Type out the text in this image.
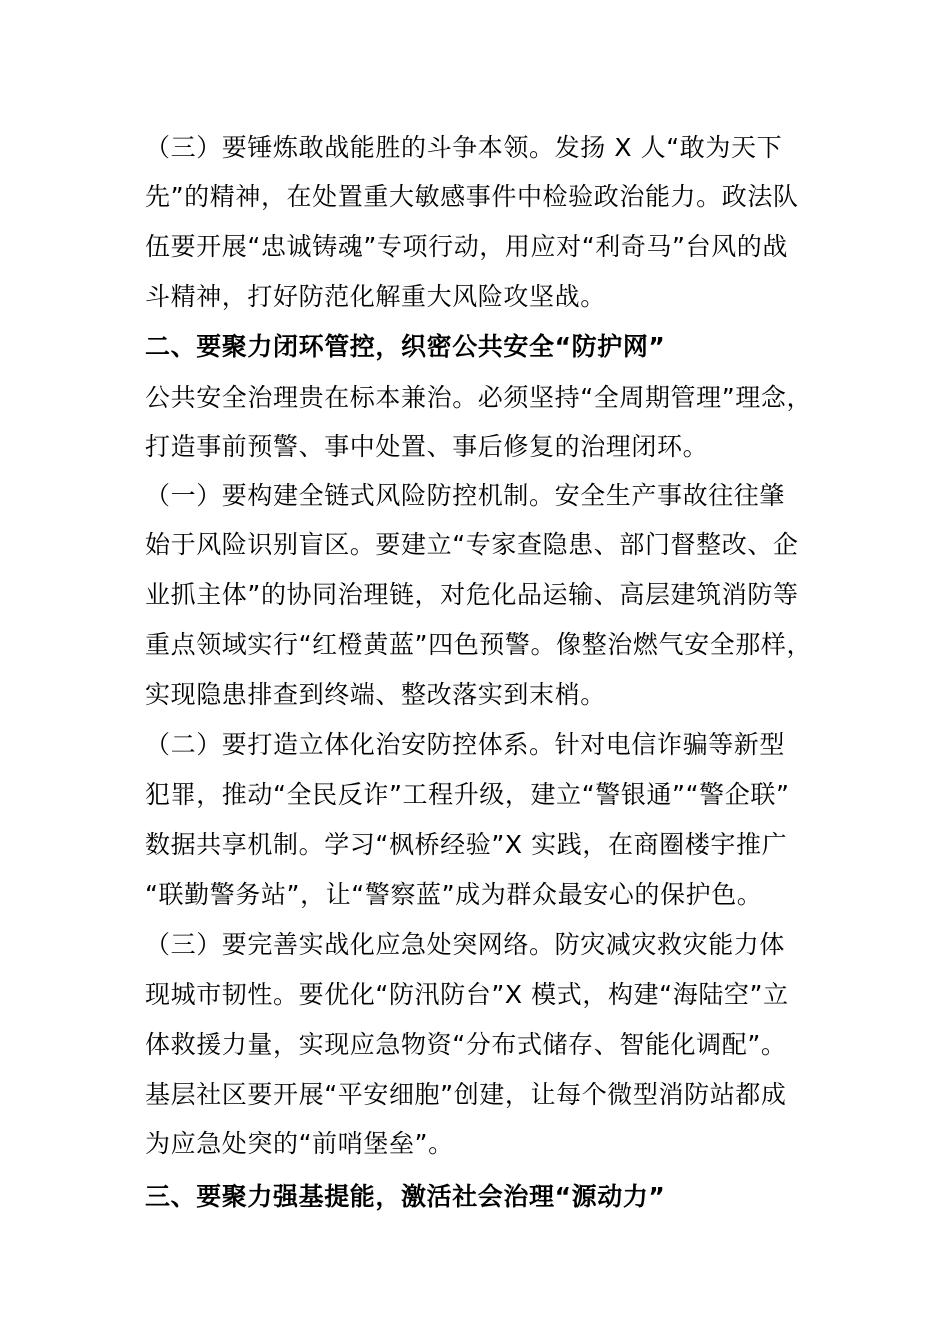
（三）要锤炼敢战能胜的斗争本领。发扬 X 人“敢为天下
先”的精神，在处置重大敏感事件中检验政治能力。政法队
伍要开展“忠诚铸魂”专项行动，用应对“利奇马”台风的战
斗精神，打好防范化解重大风险攻坚战。
二、要聚力闭环管控，织密公共安全“防护网”
公共安全治理贵在标本兼治。必须坚持“全周期管理”理念，
打造事前预警、事中处置、事后修复的治理闭环。
（一）要构建全链式风险防控机制。安全生产事故往往肇
始于风险识别盲区。要建立“专家查隐患、部门督整改、企
业抓主体”的协同治理链，对危化品运输、高层建筑消防等
重点领域实行“红橙黄蓝”四色预警。像整治燃气安全那样，
实现隐患排查到终端、整改落实到末梢。
（二）要打造立体化治安防控体系。针对电信诈骗等新型
犯罪，推动“全民反诈”工程升级，建立“警银通”“警企联”
数据共享机制。学习“枫桥经验”X 实践，在商圈楼宇推广
“联勤警务站”，让“警察蓝”成为群众最安心的保护色。
（三）要完善实战化应急处突网络。防灾减灾救灾能力体
现城市韧性。要优化“防汛防台”X 模式，构建“海陆空”立
体救援力量，实现应急物资“分布式储存、智能化调配”。
基层社区要开展“平安细胞”创建，让每个微型消防站都成
为应急处突的“前哨堡垒”。
三、要聚力强基提能，激活社会治理“源动力”
